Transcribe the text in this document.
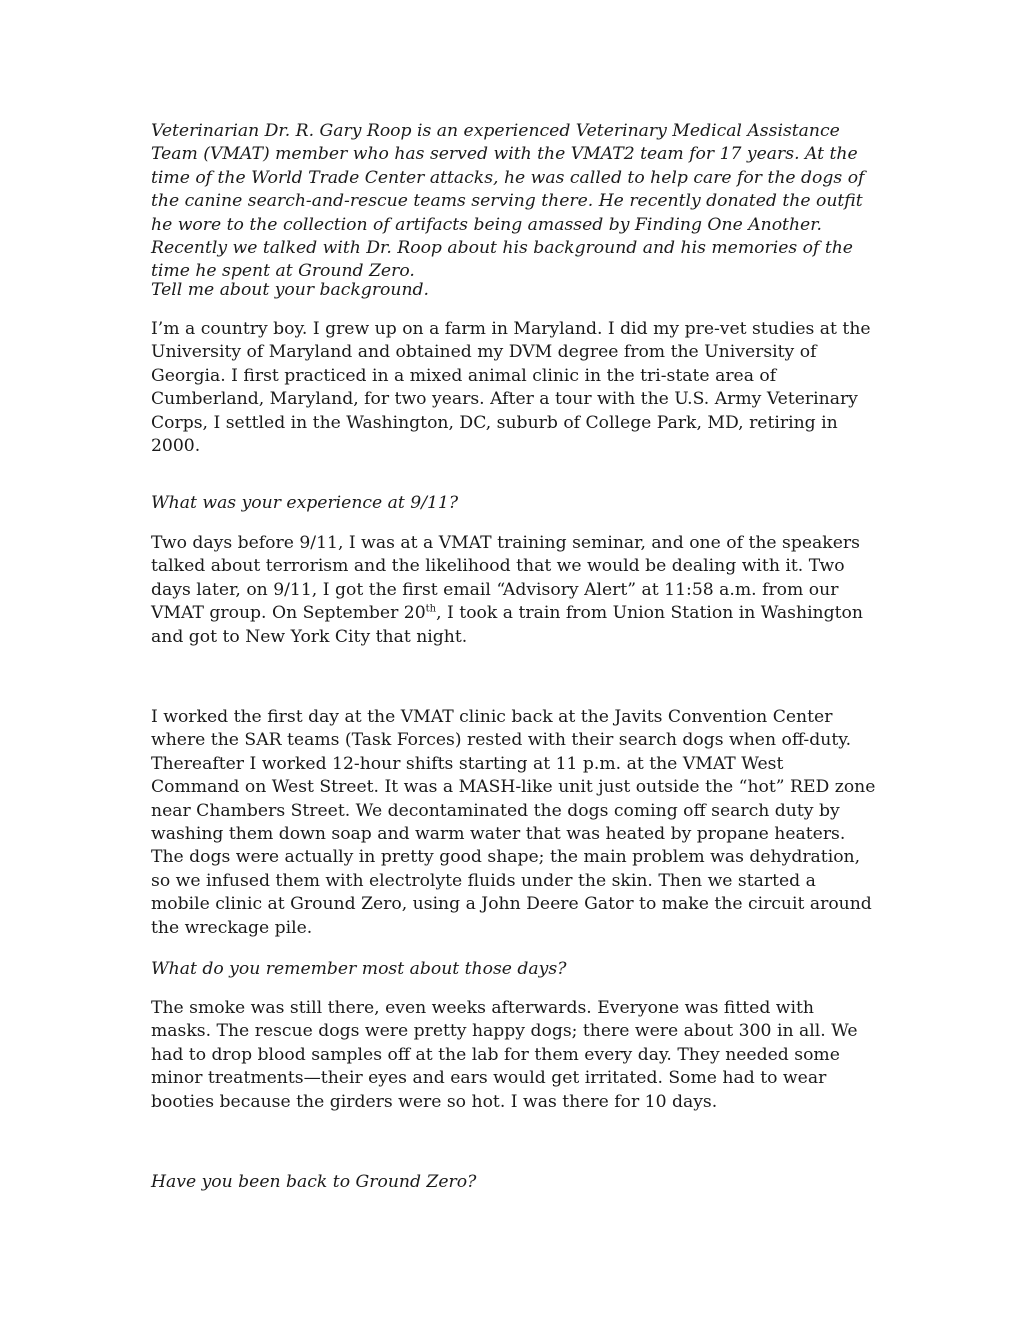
Veterinarian Dr. R. Gary Roop is an experienced Veterinary Medical Assistance Team (VMAT) member who has served with the VMAT2 team for 17 years. At the time of the World Trade Center attacks, he was called to help care for the dogs of the canine search-and-rescue teams serving there. He recently donated the outfit he wore to the collection of artifacts being amassed by Finding One Another. Recently we talked with Dr. Roop about his background and his memories of the time he spent at Ground Zero.

Tell me about your background.

I’m a country boy. I grew up on a farm in Maryland. I did my pre-vet studies at the University of Maryland and obtained my DVM degree from the University of Georgia. I first practiced in a mixed animal clinic in the tri-state area of Cumberland, Maryland, for two years. After a tour with the U.S. Army Veterinary Corps, I settled in the Washington, DC, suburb of College Park, MD, retiring in 2000.

What was your experience at 9/11?

Two days before 9/11, I was at a VMAT training seminar, and one of the speakers talked about terrorism and the likelihood that we would be dealing with it. Two days later, on 9/11, I got the first email “Advisory Alert” at 11:58 a.m. from our VMAT group. On September 20th, I took a train from Union Station in Washington and got to New York City that night.

I worked the first day at the VMAT clinic back at the Javits Convention Center where the SAR teams (Task Forces) rested with their search dogs when off-duty. Thereafter I worked 12-hour shifts starting at 11 p.m. at the VMAT West Command on West Street. It was a MASH-like unit just outside the “hot” RED zone near Chambers Street. We decontaminated the dogs coming off search duty by washing them down soap and warm water that was heated by propane heaters. The dogs were actually in pretty good shape; the main problem was dehydration, so we infused them with electrolyte fluids under the skin. Then we started a mobile clinic at Ground Zero, using a John Deere Gator to make the circuit around the wreckage pile.

What do you remember most about those days?

The smoke was still there, even weeks afterwards. Everyone was fitted with masks. The rescue dogs were pretty happy dogs; there were about 300 in all. We had to drop blood samples off at the lab for them every day. They needed some minor treatments—their eyes and ears would get irritated. Some had to wear booties because the girders were so hot. I was there for 10 days.

Have you been back to Ground Zero?
